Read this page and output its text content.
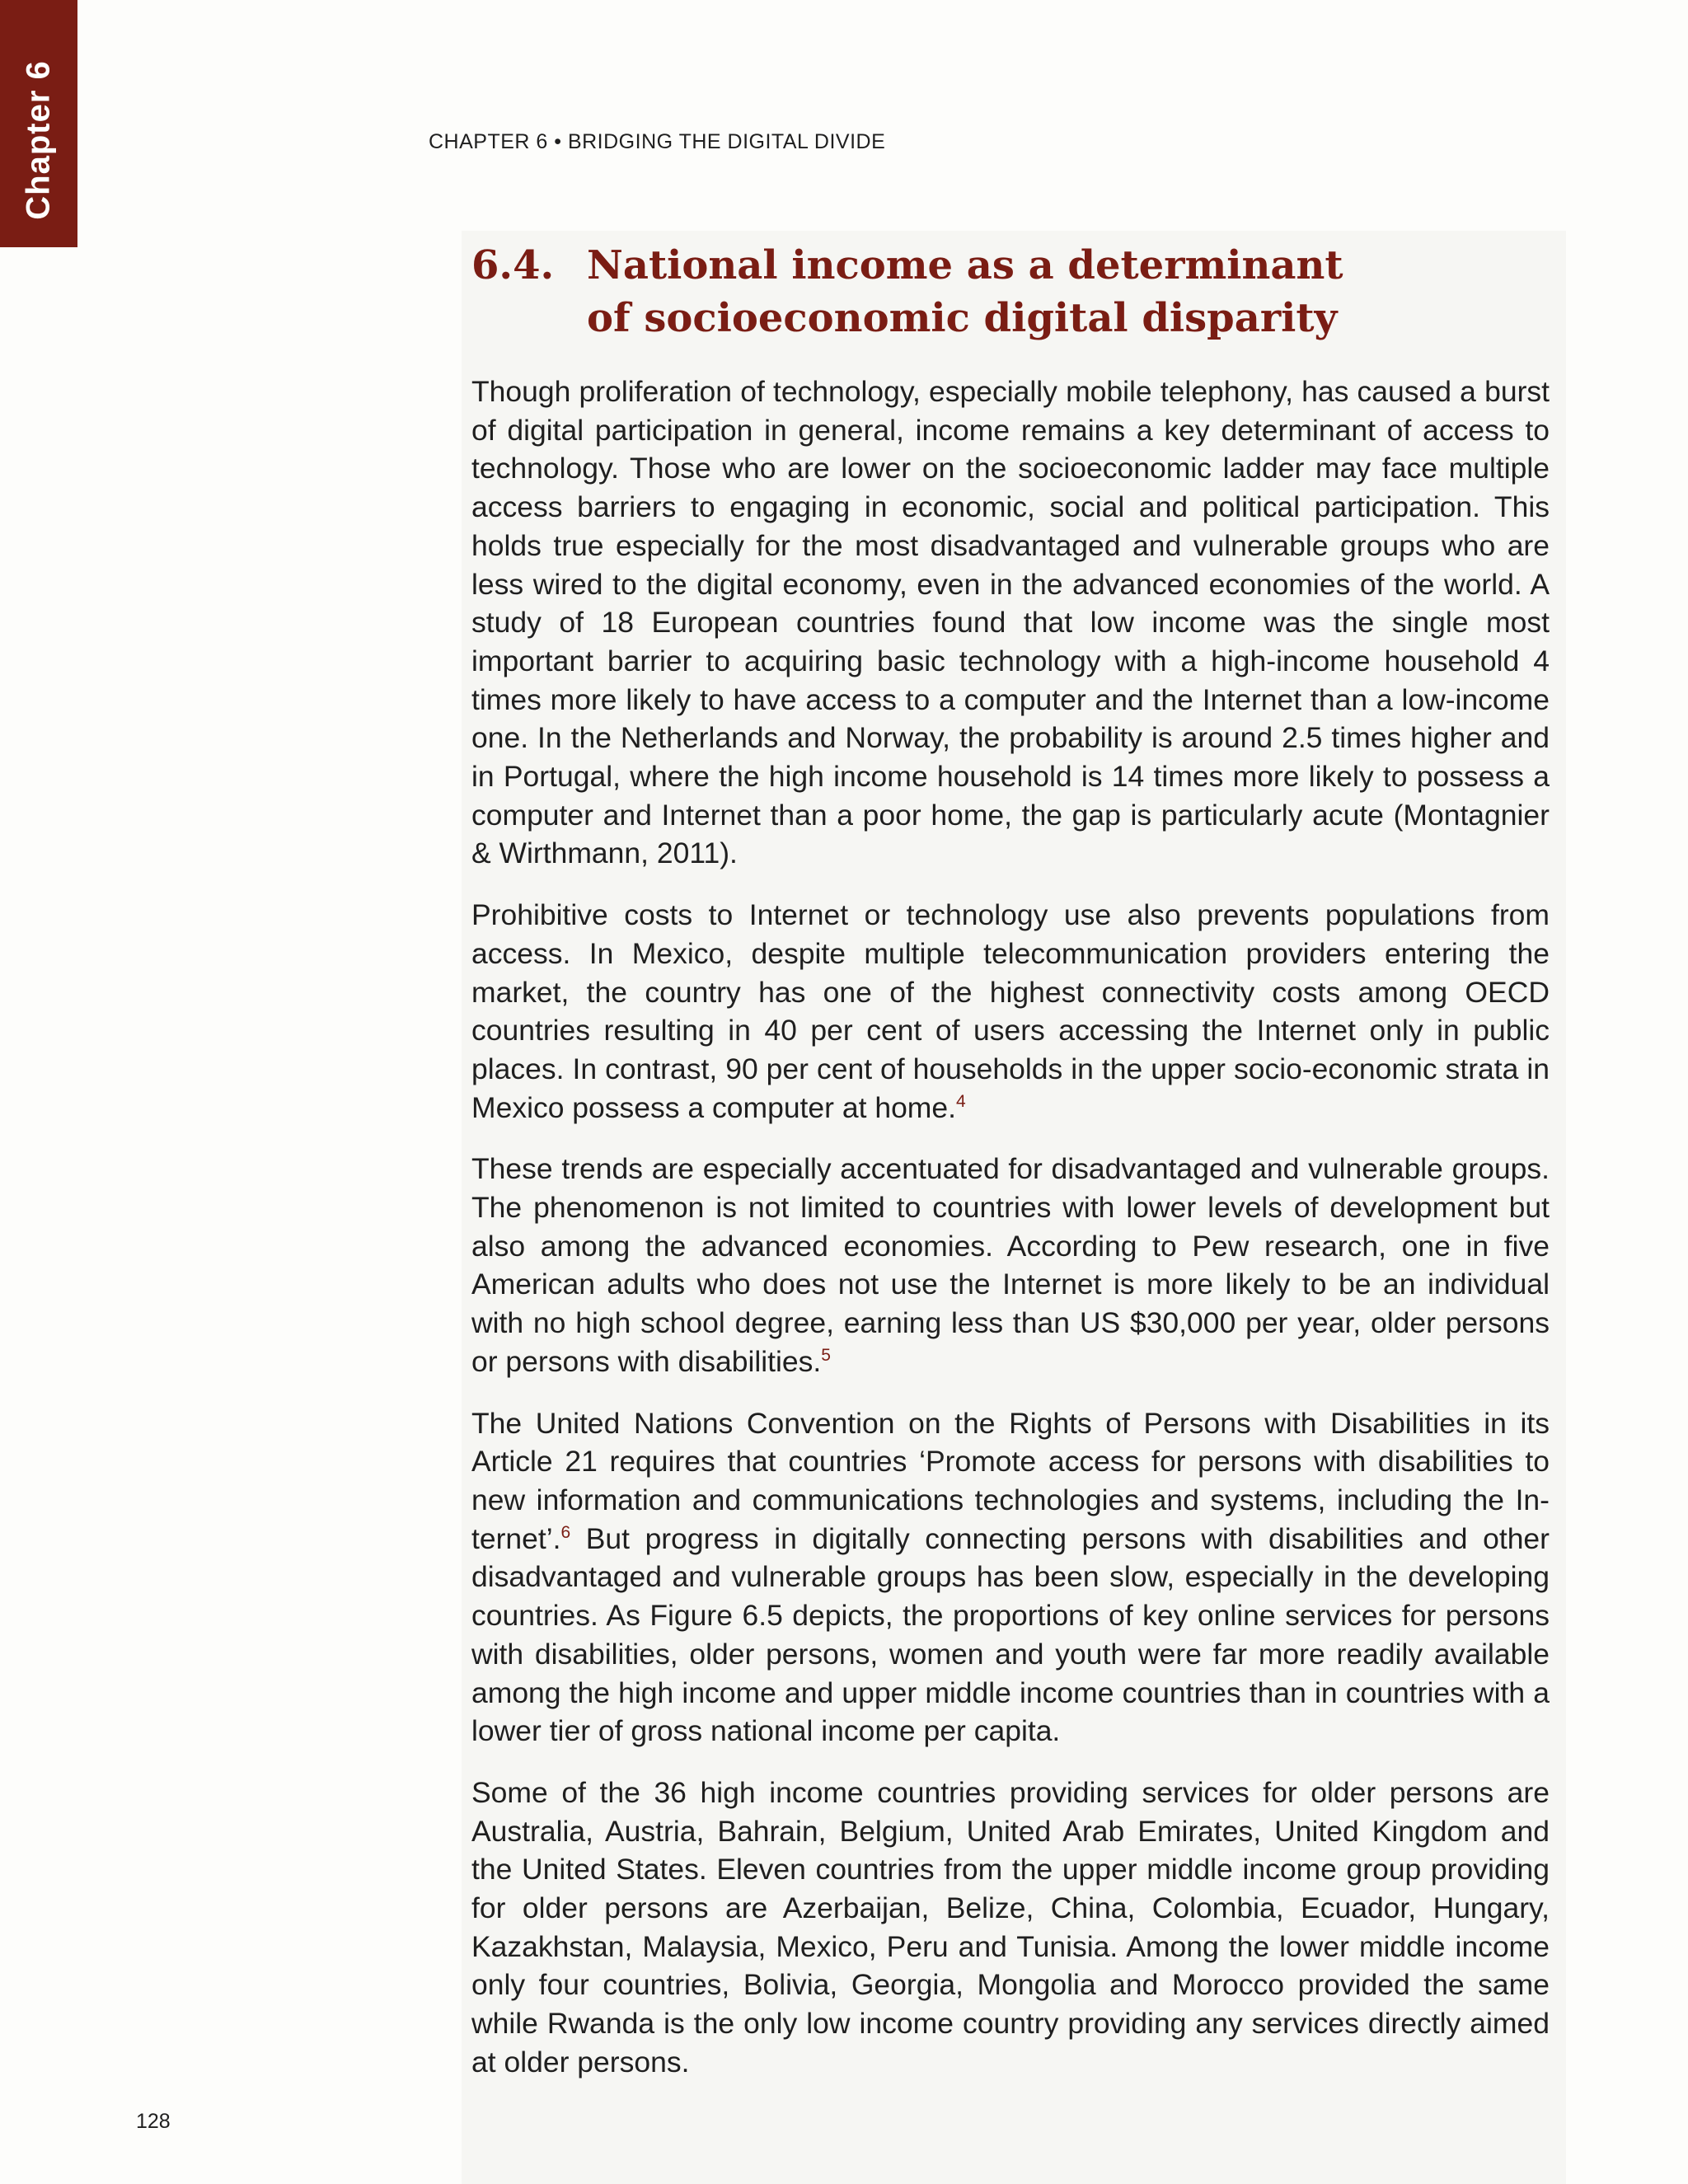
Chapter 6	CHAPTER 6 • BRIDGING THE DIGITAL DIVIDE
6.4. National income as a determinant
of socioeconomic digital disparity

Though proliferation of technology, especially mobile telephony, has caused a burst of digital participation in general, income remains a key determinant of access to technology. Those who are lower on the socioeconomic ladder may face multiple access barriers to engaging in economic, social and political participation. This holds true especially for the most disadvantaged and vulnerable groups who are less wired to the digital economy, even in the advanced economies of the world. A study of 18 European countries found that low income was the single most important barrier to acquiring basic technology with a high-income household 4 times more likely to have access to a computer and the Internet than a low-income one. In the Netherlands and Norway, the probability is around 2.5 times higher and in Portugal, where the high income household is 14 times more likely to possess a computer and Internet than a poor home, the gap is particularly acute (Montagnier & Wirthmann, 2011).

Prohibitive costs to Internet or technology use also prevents populations from access. In Mexico, despite multiple telecommunication providers entering the market, the country has one of the highest connectivity costs among OECD countries resulting in 40 per cent of users accessing the Internet only in public places. In contrast, 90 per cent of households in the upper socio-economic strata in Mexico possess a computer at home.$^4$

These trends are especially accentuated for disadvantaged and vulnerable groups. The phenomenon is not limited to countries with lower levels of development but also among the advanced economies. According to Pew research, one in five American adults who does not use the Internet is more likely to be an individual with no high school degree, earning less than US $30,000 per year, older persons or persons with disabilities.$^5$

The United Nations Convention on the Rights of Persons with Disabilities in its Article 21 requires that countries ‘Promote access for persons with disabilities to new information and communications technologies and systems, including the Internet’.$^6$ But progress in digitally connecting persons with disabilities and other disadvantaged and vulnerable groups has been slow, especially in the developing countries. As Figure 6.5 depicts, the proportions of key online services for persons with disabilities, older persons, women and youth were far more readily available among the high income and upper middle income countries than in countries with a lower tier of gross national income per capita.

Some of the 36 high income countries providing services for older persons are Australia, Austria, Bahrain, Belgium, United Arab Emirates, United Kingdom and the United States. Eleven countries from the upper middle income group providing for older persons are Azerbaijan, Belize, China, Colombia, Ecuador, Hungary, Kazakhstan, Malaysia, Mexico, Peru and Tunisia. Among the lower middle income only four countries, Bolivia, Georgia, Mongolia and Morocco provided the same while Rwanda is the only low income country providing any services directly aimed at older persons.

128
